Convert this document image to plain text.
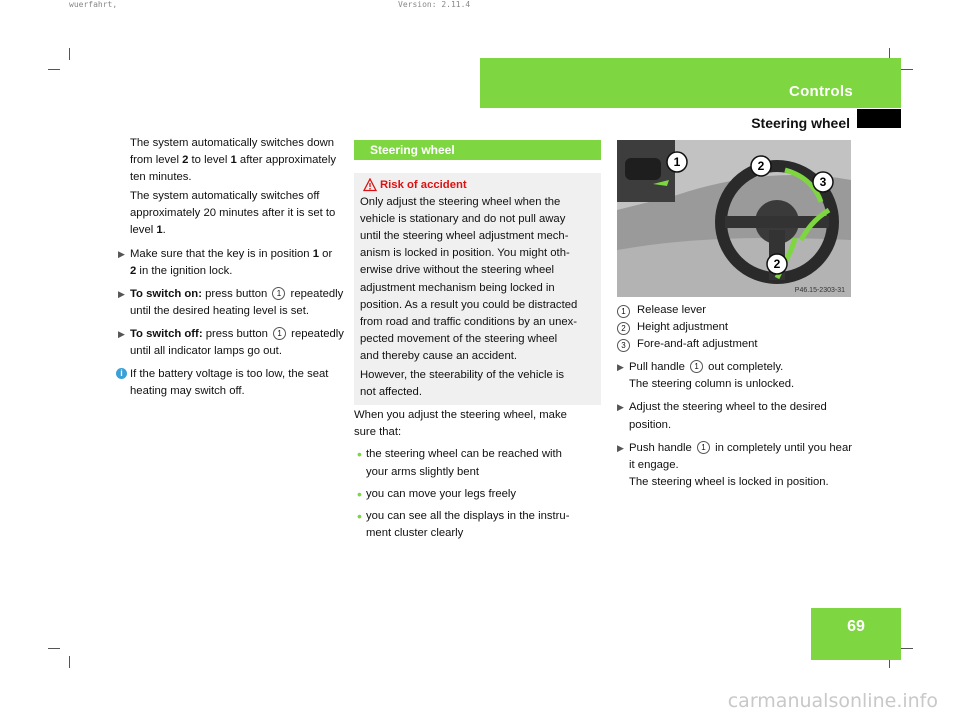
wuerfahrt,	Version: 2.11.4
Controls
Steering wheel

The system automatically switches down

from level 2 to level 1 after approximately

ten minutes.

The system automatically switches off

approximately 20 minutes after it is set to

level 1.

▶ Make sure that the key is in position 1 or

2 in the ignition lock.

▶ To switch on: press button 1 repeatedly

until the desired heating level is set.

▶ To switch off: press button 1 repeatedly

until all indicator lamps go out.

i If the battery voltage is too low, the seat

heating may switch off.

Steering wheel
Risk of accident

Only adjust the steering wheel when the

vehicle is stationary and do not pull away

until the steering wheel adjustment mech-

anism is locked in position. You might oth-

erwise drive without the steering wheel

adjustment mechanism being locked in

position. As a result you could be distracted

from road and traffic conditions by an unex-

pected movement of the steering wheel

and thereby cause an accident.

However, the steerability of the vehicle is

not affected.

When you adjust the steering wheel, make

sure that:

• the steering wheel can be reached with

your arms slightly bent

• you can move your legs freely

• you can see all the displays in the instru-

ment cluster clearly

1	2
3
2
P46.15-2303-31
1 Release lever
2 Height adjustment
3 Fore-and-aft adjustment
▶ Pull handle 1 out completely.

The steering column is unlocked.

▶ Adjust the steering wheel to the desired

position.

▶ Push handle 1 in completely until you hear

it engage.

The steering wheel is locked in position.

69
carmanualsonline.info
